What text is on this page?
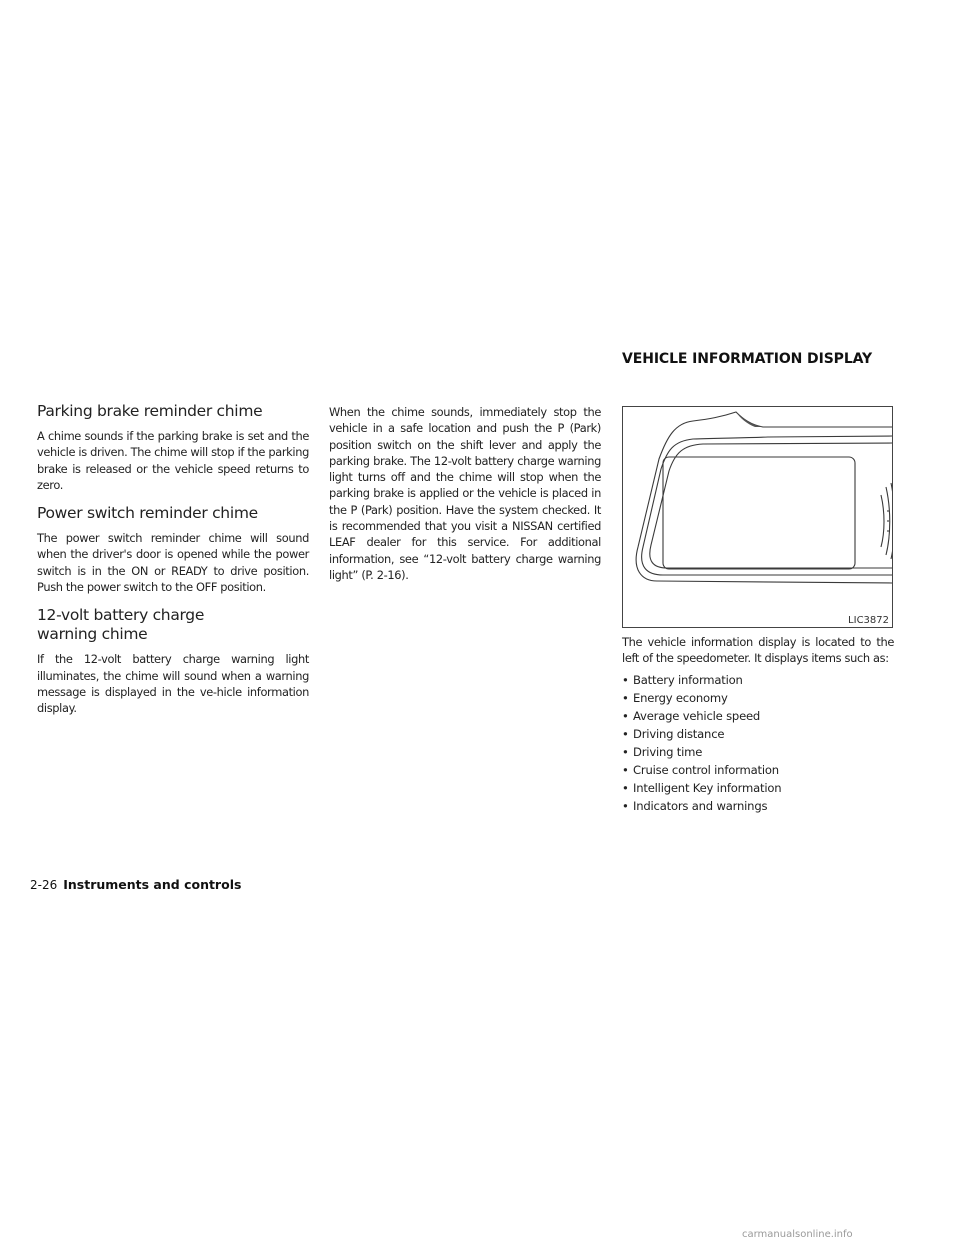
VEHICLE INFORMATION DISPLAY
Parking brake reminder chime

A chime sounds if the parking brake is set and the vehicle is driven. The chime will stop if the parking brake is released or the vehicle speed returns to zero.

Power switch reminder chime

The power switch reminder chime will sound when the driver's door is opened while the power switch is in the ON or READY to drive position. Push the power switch to the OFF position.

12-volt battery charge
warning chime

If the 12-volt battery charge warning light illuminates, the chime will sound when a warning message is displayed in the ve-hicle information display.

When the chime sounds, immediately stop the vehicle in a safe location and push the P (Park) position switch on the shift lever and apply the parking brake. The 12-volt battery charge warning light turns off and the chime will stop when the parking brake is applied or the vehicle is placed in the P (Park) position. Have the system checked. It is recommended that you visit a NISSAN certified LEAF dealer for this service. For additional information, see “12-volt battery charge warning light” (P. 2-16).

LIC3872

The vehicle information display is located to the left of the speedometer. It displays items such as:

• Battery information
• Energy economy
• Average vehicle speed
• Driving distance
• Driving time
• Cruise control information
• Intelligent Key information
• Indicators and warnings
2-26 Instruments and controls
carmanualsonline.info
